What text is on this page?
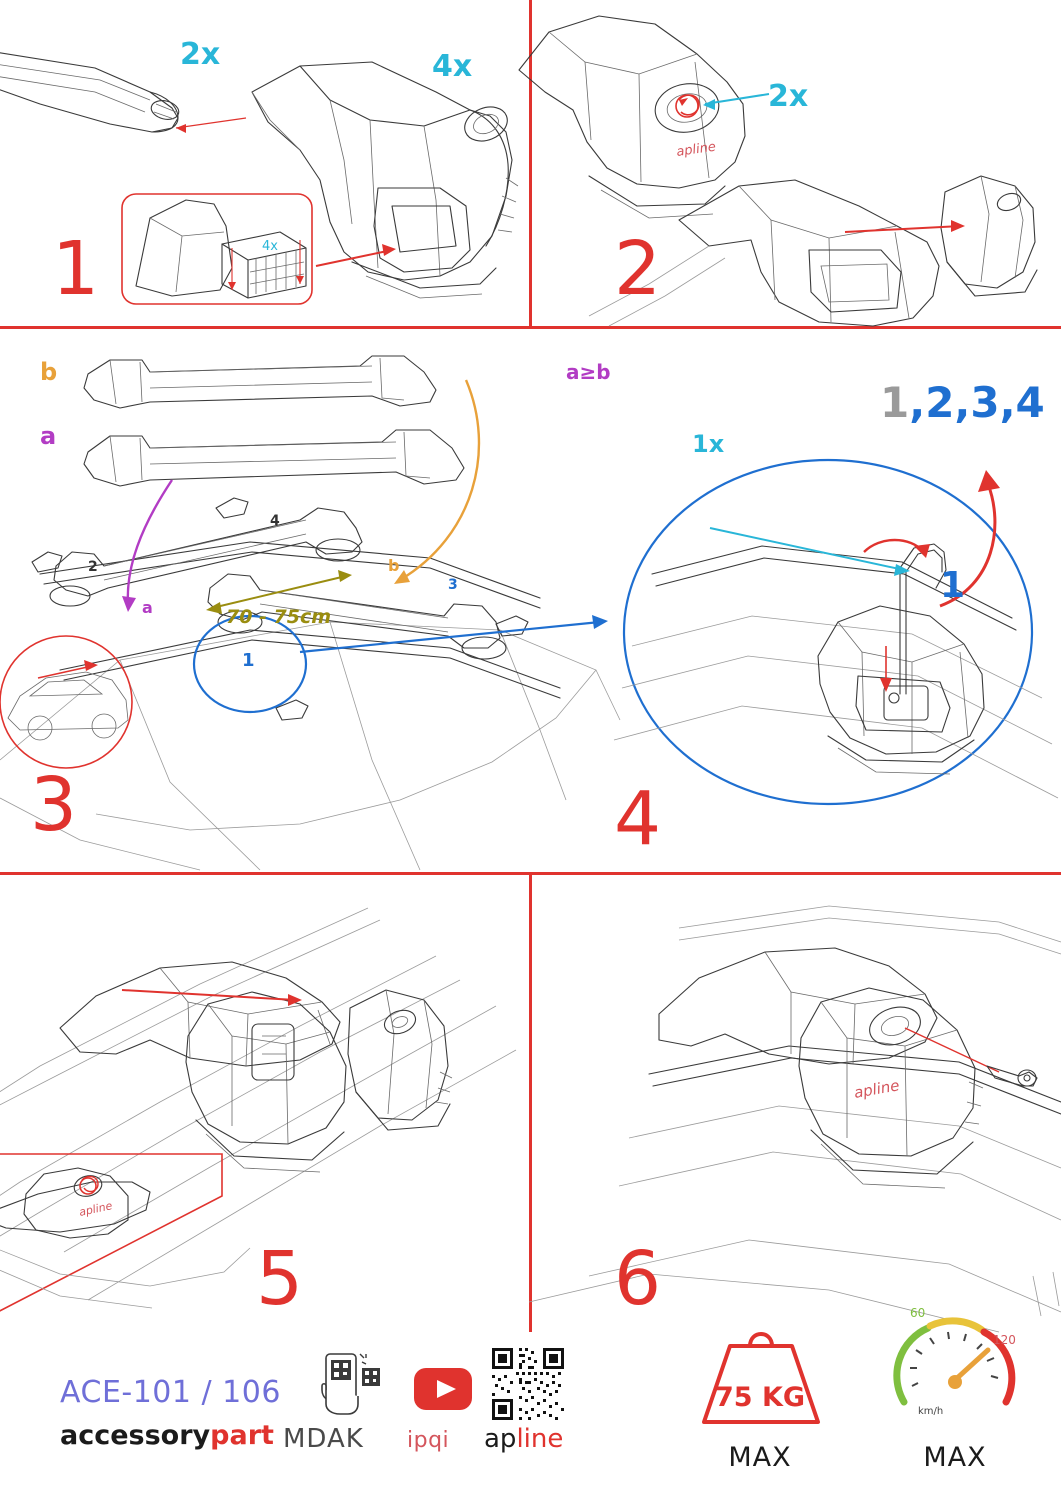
2x	4x
4x
1
apline
2x
2
b
a
a
b
2
4
3
1
70 - 75cm
3
1x
a≥b
1,2,3,4
1
4
apline
5
apline
6
ACE-101 / 106
accessorypart MDAK ipqi apline
75 KG
MAX
60
120
km/h
MAX
